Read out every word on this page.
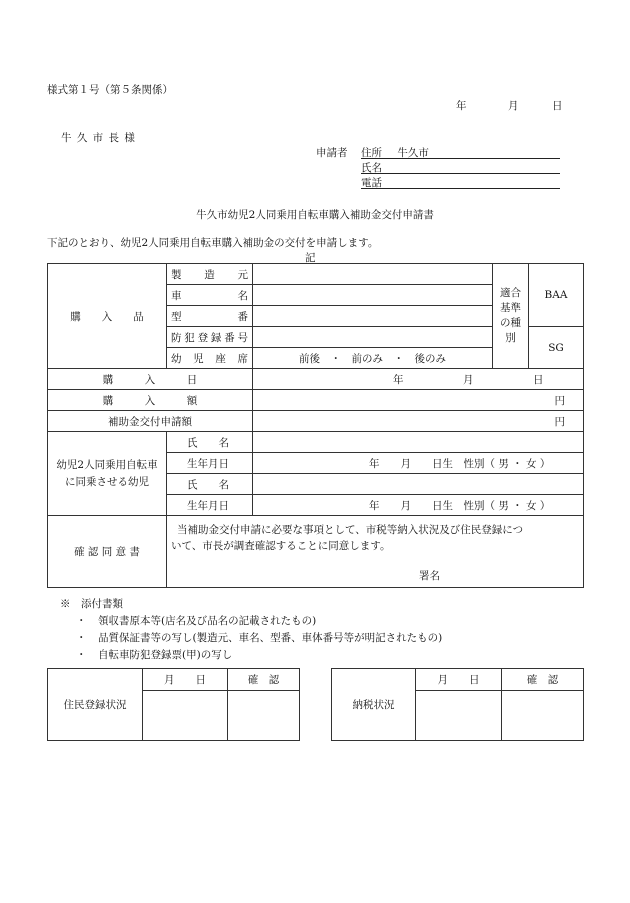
様式第１号（第５条関係）
年	月	日
牛 久 市 長 様
申請者 住所 牛久市
氏名
電話
牛久市幼児2人同乗用自転車購入補助金交付申請書
下記のとおり、幼児2人同乗用自転車購入補助金の交付を申請します。
記
購　　入　　品	製　造　元		適合基準の種別	BAA
	車　　名			
	型　　番			
	防犯登録番号			SG
	幼 児 座 席	前後　・　前のみ　・　後のみ		
購　　　入　　　日		年 月 日		

購　　　入　　　額		円		
補助金交付申請額		円		
幼児2人同乗用自転車に同乗させる幼児	氏　　名			
	生年月日	年　　月　　日生　性別（ 男 ・ 女 ）		
	氏　　名			
	生年月日	年　　月　　日生　性別（ 男 ・ 女 ）		
確 認 同 意 書	当補助金交付申請に必要な事項として、市税等納入状況及び住民登録につ
いて、市長が調査確認することに同意します。
署名			
※　添付書類
・ 領収書原本等(店名及び品名の記載されたもの)
・ 品質保証書等の写し(製造元、車名、型番、車体番号等が明記されたもの)
・ 自転車防犯登録票(甲)の写し
住民登録状況	月　　日	確　認

納税状況	月　　日	確　認
